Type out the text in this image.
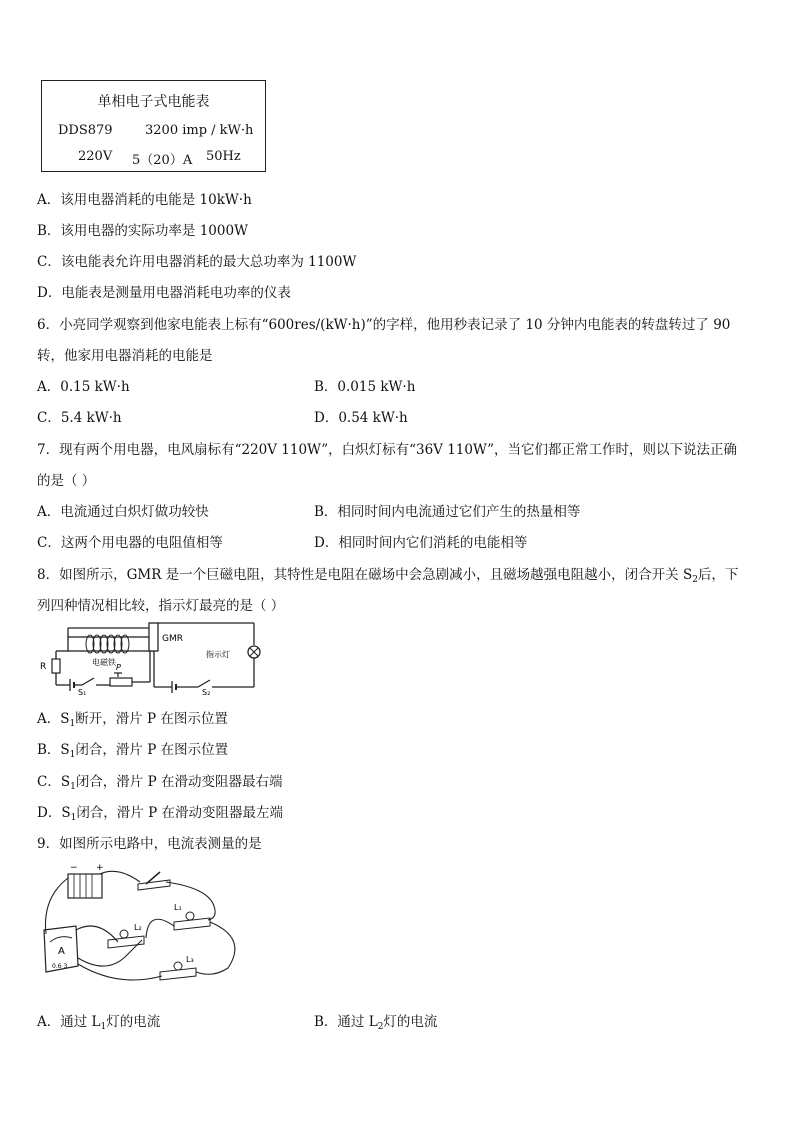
单相电子式电能表
DDS879 3200 imp / kW·h
220V 5（20）A 50Hz
A．该用电器消耗的电能是 10kW·h
B．该用电器的实际功率是 1000W
C．该电能表允许用电器消耗的最大总功率为 1100W
D．电能表是测量用电器消耗电功率的仪表
6．小亮同学观察到他家电能表上标有“600res/(kW·h)”的字样，他用秒表记录了 10 分钟内电能表的转盘转过了 90
转，他家用电器消耗的电能是
A．0.15 kW·h	B．0.015 kW·h
C．5.4 kW·h	D．0.54 kW·h
7．现有两个用电器，电风扇标有“220V 110W”，白炽灯标有“36V 110W”，当它们都正常工作时，则以下说法正确
的是（ ）
A．电流通过白炽灯做功较快	B．相同时间内电流通过它们产生的热量相等
C．这两个用电器的电阻值相等	D．相同时间内它们消耗的电能相等
8．如图所示，GMR 是一个巨磁电阻，其特性是电阻在磁场中会急剧减小，且磁场越强电阻越小，闭合开关 $S_2$后，下
列四种情况相比较，指示灯最亮的是（ ）
电磁铁
R
S₁
P
GMR
指示灯
S₂
A．$S_1$断开，滑片 P 在图示位置
B．$S_1$闭合，滑片 P 在图示位置
C．$S_1$闭合，滑片 P 在滑动变阻器最右端
D．$S_1$闭合，滑片 P 在滑动变阻器最左端
9．如图所示电路中，电流表测量的是
− +
L₁
L₂
L₃
A
0.6 3
A．通过 $L_1$灯的电流	B．通过 $L_2$灯的电流
